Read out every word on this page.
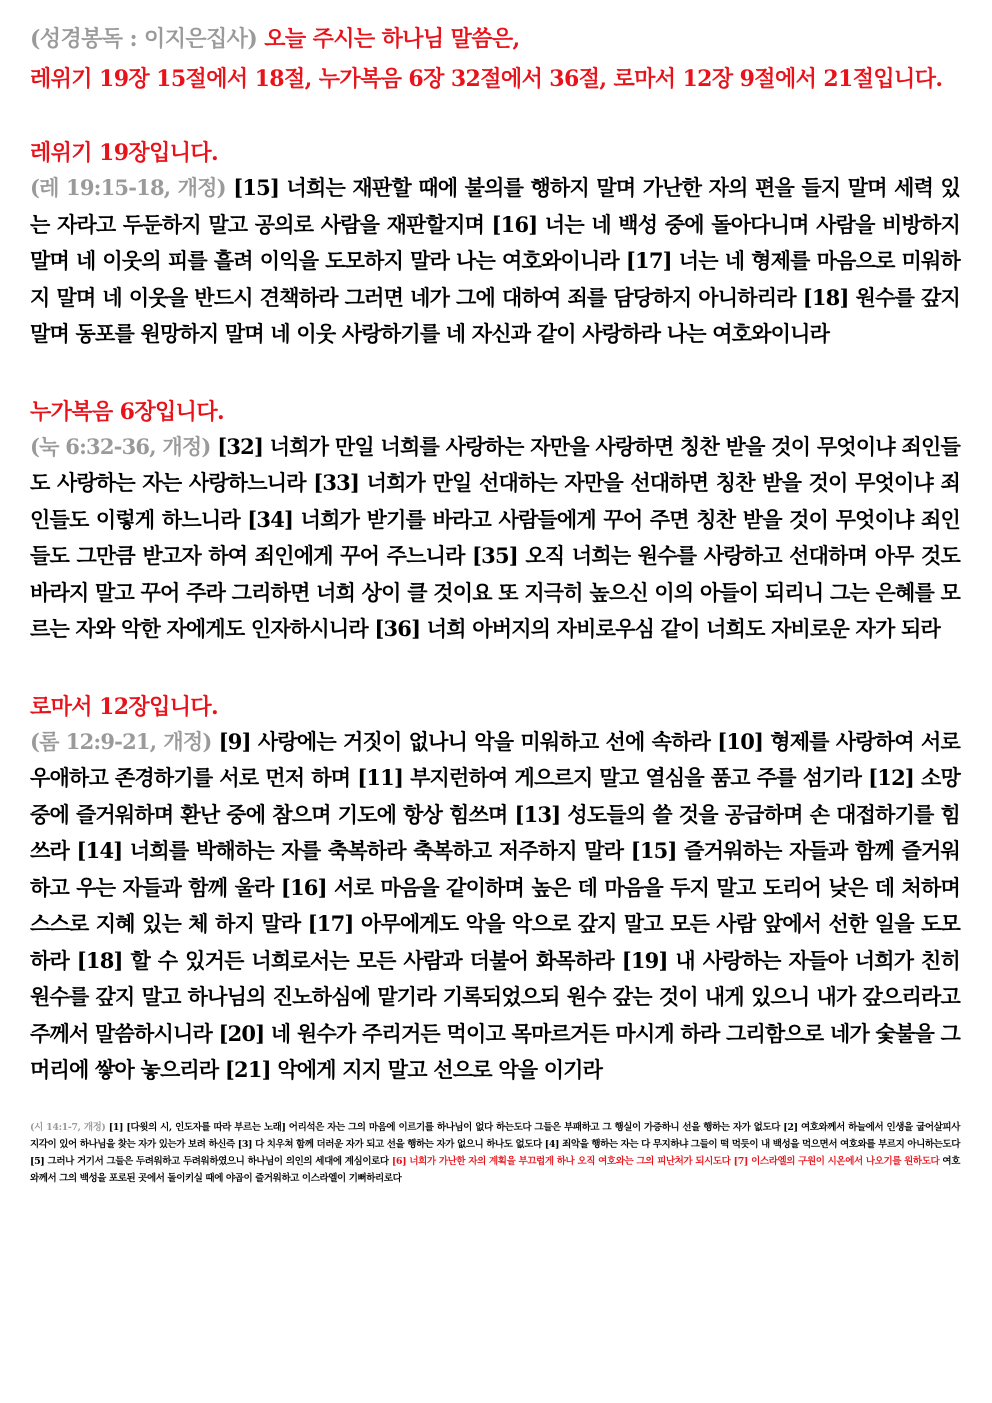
(성경봉독 : 이지은집사) 오늘 주시는 하나님 말씀은,
레위기 19장 15절에서 18절, 누가복음 6장 32절에서 36절, 로마서 12장 9절에서 21절입니다.
레위기 19장입니다.
(레 19:15-18, 개정) [15] 너희는 재판할 때에 불의를 행하지 말며 가난한 자의 편을 들지 말며 세력 있는 자라고 두둔하지 말고 공의로 사람을 재판할지며 [16] 너는 네 백성 중에 돌아다니며 사람을 비방하지 말며 네 이웃의 피를 흘려 이익을 도모하지 말라 나는 여호와이니라 [17] 너는 네 형제를 마음으로 미워하지 말며 네 이웃을 반드시 견책하라 그러면 네가 그에 대하여 죄를 담당하지 아니하리라 [18] 원수를 갚지 말며 동포를 원망하지 말며 네 이웃 사랑하기를 네 자신과 같이 사랑하라 나는 여호와이니라
누가복음 6장입니다.
(눅 6:32-36, 개정) [32] 너희가 만일 너희를 사랑하는 자만을 사랑하면 칭찬 받을 것이 무엇이냐 죄인들도 사랑하는 자는 사랑하느니라 [33] 너희가 만일 선대하는 자만을 선대하면 칭찬 받을 것이 무엇이냐 죄인들도 이렇게 하느니라 [34] 너희가 받기를 바라고 사람들에게 꾸어 주면 칭찬 받을 것이 무엇이냐 죄인들도 그만큼 받고자 하여 죄인에게 꾸어 주느니라 [35] 오직 너희는 원수를 사랑하고 선대하며 아무 것도 바라지 말고 꾸어 주라 그리하면 너희 상이 클 것이요 또 지극히 높으신 이의 아들이 되리니 그는 은혜를 모르는 자와 악한 자에게도 인자하시니라 [36] 너희 아버지의 자비로우심 같이 너희도 자비로운 자가 되라
로마서 12장입니다.
(롬 12:9-21, 개정) [9] 사랑에는 거짓이 없나니 악을 미워하고 선에 속하라 [10] 형제를 사랑하여 서로 우애하고 존경하기를 서로 먼저 하며 [11] 부지런하여 게으르지 말고 열심을 품고 주를 섬기라 [12] 소망 중에 즐거워하며 환난 중에 참으며 기도에 항상 힘쓰며 [13] 성도들의 쓸 것을 공급하며 손 대접하기를 힘쓰라 [14] 너희를 박해하는 자를 축복하라 축복하고 저주하지 말라 [15] 즐거워하는 자들과 함께 즐거워하고 우는 자들과 함께 울라 [16] 서로 마음을 같이하며 높은 데 마음을 두지 말고 도리어 낮은 데 처하며 스스로 지혜 있는 체 하지 말라 [17] 아무에게도 악을 악으로 갚지 말고 모든 사람 앞에서 선한 일을 도모하라 [18] 할 수 있거든 너희로서는 모든 사람과 더불어 화목하라 [19] 내 사랑하는 자들아 너희가 친히 원수를 갚지 말고 하나님의 진노하심에 맡기라 기록되었으되 원수 갚는 것이 내게 있으니 내가 갚으리라고 주께서 말씀하시니라 [20] 네 원수가 주리거든 먹이고 목마르거든 마시게 하라 그리함으로 네가 숯불을 그 머리에 쌓아 놓으리라 [21] 악에게 지지 말고 선으로 악을 이기라
(시 14:1-7, 개정) [1] [다윗의 시, 인도자를 따라 부르는 노래] 어리석은 자는 그의 마음에 이르기를 하나님이 없다 하는도다 그들은 부패하고 그 행실이 가증하니 선을 행하는 자가 없도다 [2] 여호와께서 하늘에서 인생을 굽어살피사 지각이 있어 하나님을 찾는 자가 있는가 보려 하신즉 [3] 다 치우쳐 함께 더러운 자가 되고 선을 행하는 자가 없으니 하나도 없도다 [4] 죄악을 행하는 자는 다 무지하냐 그들이 떡 먹듯이 내 백성을 먹으면서 여호와를 부르지 아니하는도다 [5] 그러나 거기서 그들은 두려워하고 두려워하였으니 하나님이 의인의 세대에 계심이로다 [6] 너희가 가난한 자의 계획을 부끄럽게 하나 오직 여호와는 그의 피난처가 되시도다 [7] 이스라엘의 구원이 시온에서 나오기를 원하도다 여호와께서 그의 백성을 포로된 곳에서 돌이키실 때에 야곱이 즐거워하고 이스라엘이 기뻐하리로다
